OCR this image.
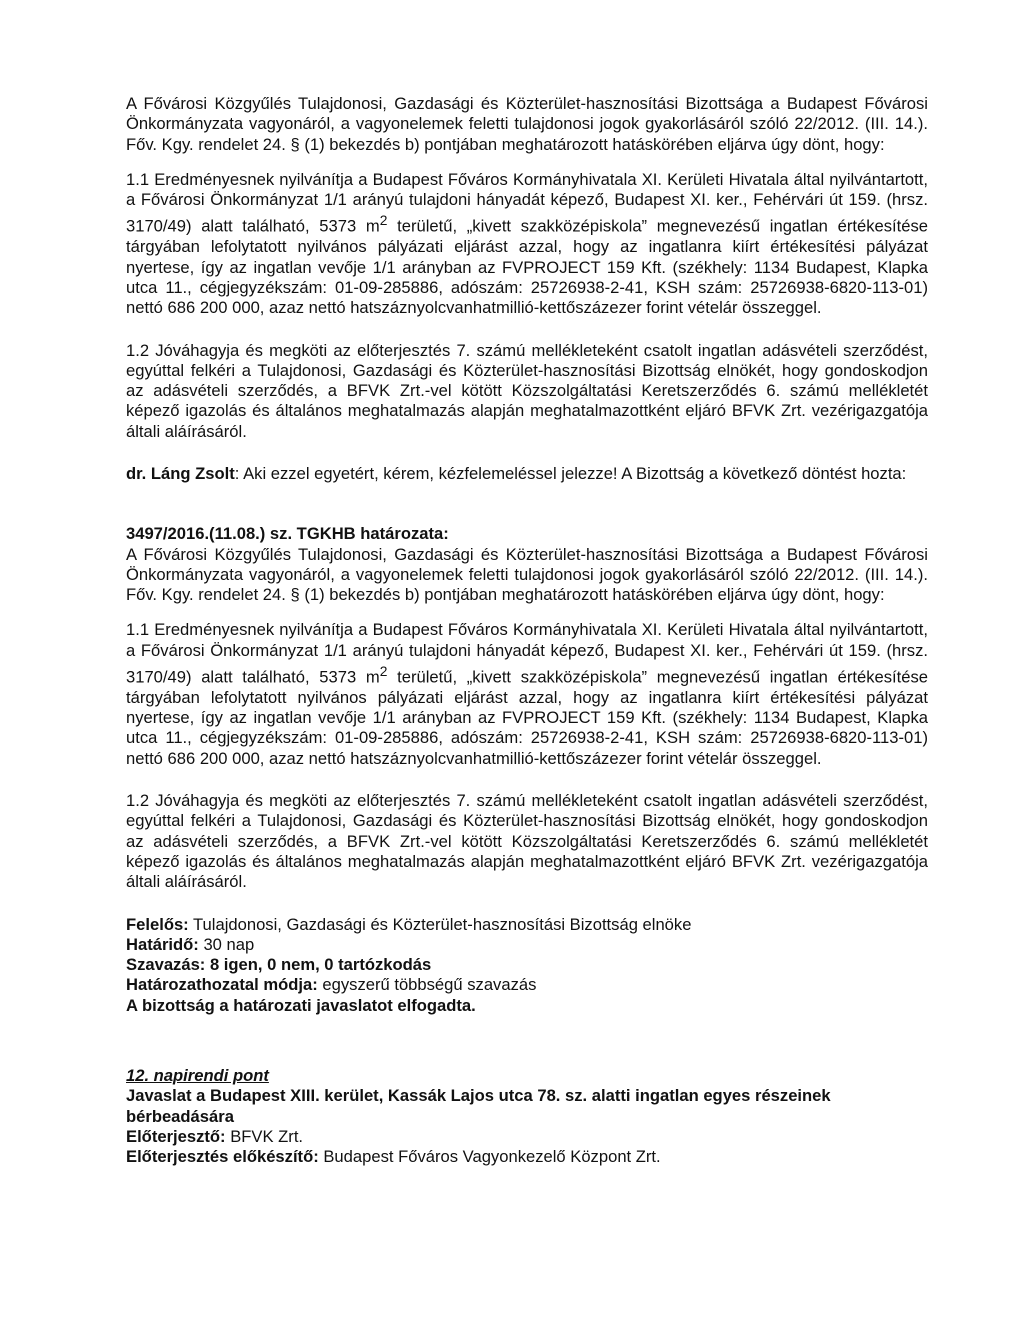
A Fővárosi Közgyűlés Tulajdonosi, Gazdasági és Közterület-hasznosítási Bizottsága a Budapest Fővárosi Önkormányzata vagyonáról, a vagyonelemek feletti tulajdonosi jogok gyakorlásáról szóló 22/2012. (III. 14.). Főv. Kgy. rendelet 24. § (1) bekezdés b) pontjában meghatározott hatáskörében eljárva úgy dönt, hogy:

1.1 Eredményesnek nyilvánítja a Budapest Főváros Kormányhivatala XI. Kerületi Hivatala által nyilvántartott, a Fővárosi Önkormányzat 1/1 arányú tulajdoni hányadát képező, Budapest XI. ker., Fehérvári út 159. (hrsz. 3170/49) alatt található, 5373 $m^2$ területű, „kivett szakközépiskola” megnevezésű ingatlan értékesítése tárgyában lefolytatott nyilvános pályázati eljárást azzal, hogy az ingatlanra kiírt értékesítési pályázat nyertese, így az ingatlan vevője 1/1 arányban az FVPROJECT 159 Kft. (székhely: 1134 Budapest, Klapka utca 11., cégjegyzékszám: 01-09-285886, adószám: 25726938-2-41, KSH szám: 25726938-6820-113-01) nettó 686 200 000, azaz nettó hatszáznyolcvanhatmillió-kettőszázezer forint vételár összeggel.

1.2 Jóváhagyja és megköti az előterjesztés 7. számú mellékleteként csatolt ingatlan adásvételi szerződést, egyúttal felkéri a Tulajdonosi, Gazdasági és Közterület-hasznosítási Bizottság elnökét, hogy gondoskodjon az adásvételi szerződés, a BFVK Zrt.-vel kötött Közszolgáltatási Keretszerződés 6. számú mellékletét képező igazolás és általános meghatalmazás alapján meghatalmazottként eljáró BFVK Zrt. vezérigazgatója általi aláírásáról.

dr. Láng Zsolt: Aki ezzel egyetért, kérem, kézfelemeléssel jelezze! A Bizottság a következő döntést hozta:

3497/2016.(11.08.) sz. TGKHB határozata:

A Fővárosi Közgyűlés Tulajdonosi, Gazdasági és Közterület-hasznosítási Bizottsága a Budapest Fővárosi Önkormányzata vagyonáról, a vagyonelemek feletti tulajdonosi jogok gyakorlásáról szóló 22/2012. (III. 14.). Főv. Kgy. rendelet 24. § (1) bekezdés b) pontjában meghatározott hatáskörében eljárva úgy dönt, hogy:

1.1 Eredményesnek nyilvánítja a Budapest Főváros Kormányhivatala XI. Kerületi Hivatala által nyilvántartott, a Fővárosi Önkormányzat 1/1 arányú tulajdoni hányadát képező, Budapest XI. ker., Fehérvári út 159. (hrsz. 3170/49) alatt található, 5373 $m^2$ területű, „kivett szakközépiskola” megnevezésű ingatlan értékesítése tárgyában lefolytatott nyilvános pályázati eljárást azzal, hogy az ingatlanra kiírt értékesítési pályázat nyertese, így az ingatlan vevője 1/1 arányban az FVPROJECT 159 Kft. (székhely: 1134 Budapest, Klapka utca 11., cégjegyzékszám: 01-09-285886, adószám: 25726938-2-41, KSH szám: 25726938-6820-113-01) nettó 686 200 000, azaz nettó hatszáznyolcvanhatmillió-kettőszázezer forint vételár összeggel.

1.2 Jóváhagyja és megköti az előterjesztés 7. számú mellékleteként csatolt ingatlan adásvételi szerződést, egyúttal felkéri a Tulajdonosi, Gazdasági és Közterület-hasznosítási Bizottság elnökét, hogy gondoskodjon az adásvételi szerződés, a BFVK Zrt.-vel kötött Közszolgáltatási Keretszerződés 6. számú mellékletét képező igazolás és általános meghatalmazás alapján meghatalmazottként eljáró BFVK Zrt. vezérigazgatója általi aláírásáról.

Felelős: Tulajdonosi, Gazdasági és Közterület-hasznosítási Bizottság elnöke

Határidő: 30 nap

Szavazás: 8 igen, 0 nem, 0 tartózkodás

Határozathozatal módja: egyszerű többségű szavazás

A bizottság a határozati javaslatot elfogadta.

12. napirendi pont

Javaslat a Budapest XIII. kerület, Kassák Lajos utca 78. sz. alatti ingatlan egyes részeinek bérbeadására

Előterjesztő: BFVK Zrt.

Előterjesztés előkészítő: Budapest Főváros Vagyonkezelő Központ Zrt.
